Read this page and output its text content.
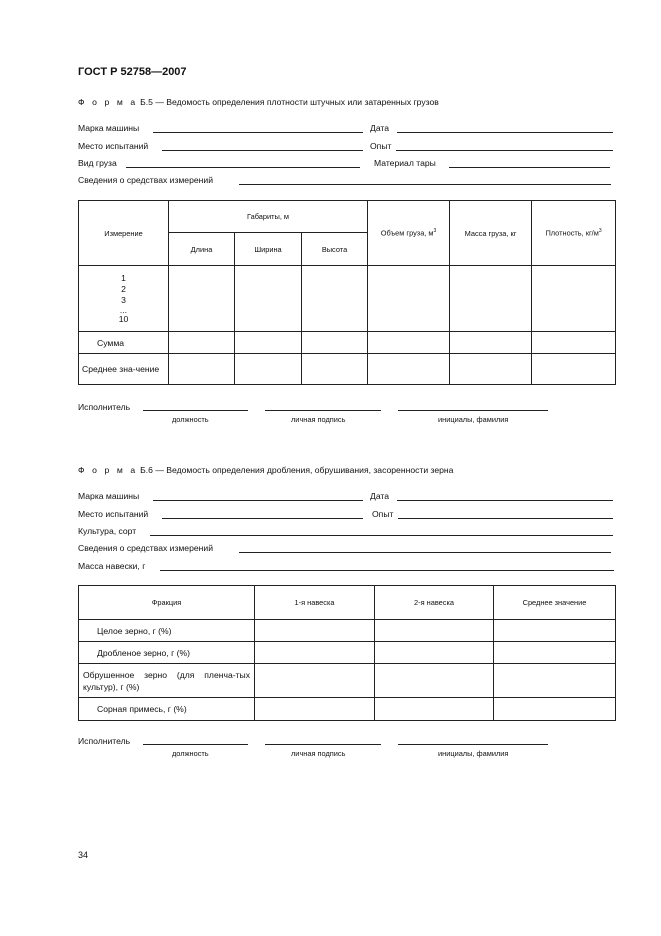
ГОСТ Р 52758—2007
Ф о р м а Б.5 — Ведомость определения плотности штучных или затаренных грузов
Марка машины	Дата
Место испытаний	Опыт
Вид груза	Материал тары
Сведения о средствах измерений
Измерение	Габариты, м			Объем груза, $м^3$	Масса груза, кг	Плотность, $кг/м^3$
	Длина	Ширина	Высота			

1
2
3
...
10						

Сумма						
Среднее зна-чение						
Исполнитель
должность	личная подпись	инициалы, фамилия
Ф о р м а Б.6 — Ведомость определения дробления, обрушивания, засоренности зерна
Марка машины	Дата
Место испытаний	Опыт
Культура, сорт
Сведения о средствах измерений
Масса навески, г
Фракция	1-я навеска	2-я навеска	Среднее значение
Целое зерно, г (%)			
Дробленое зерно, г (%)			
Обрушенное зерно (для пленча-тых культур), г (%)			
Сорная примесь, г (%)			
Исполнитель
должность	личная подпись	инициалы, фамилия
34
